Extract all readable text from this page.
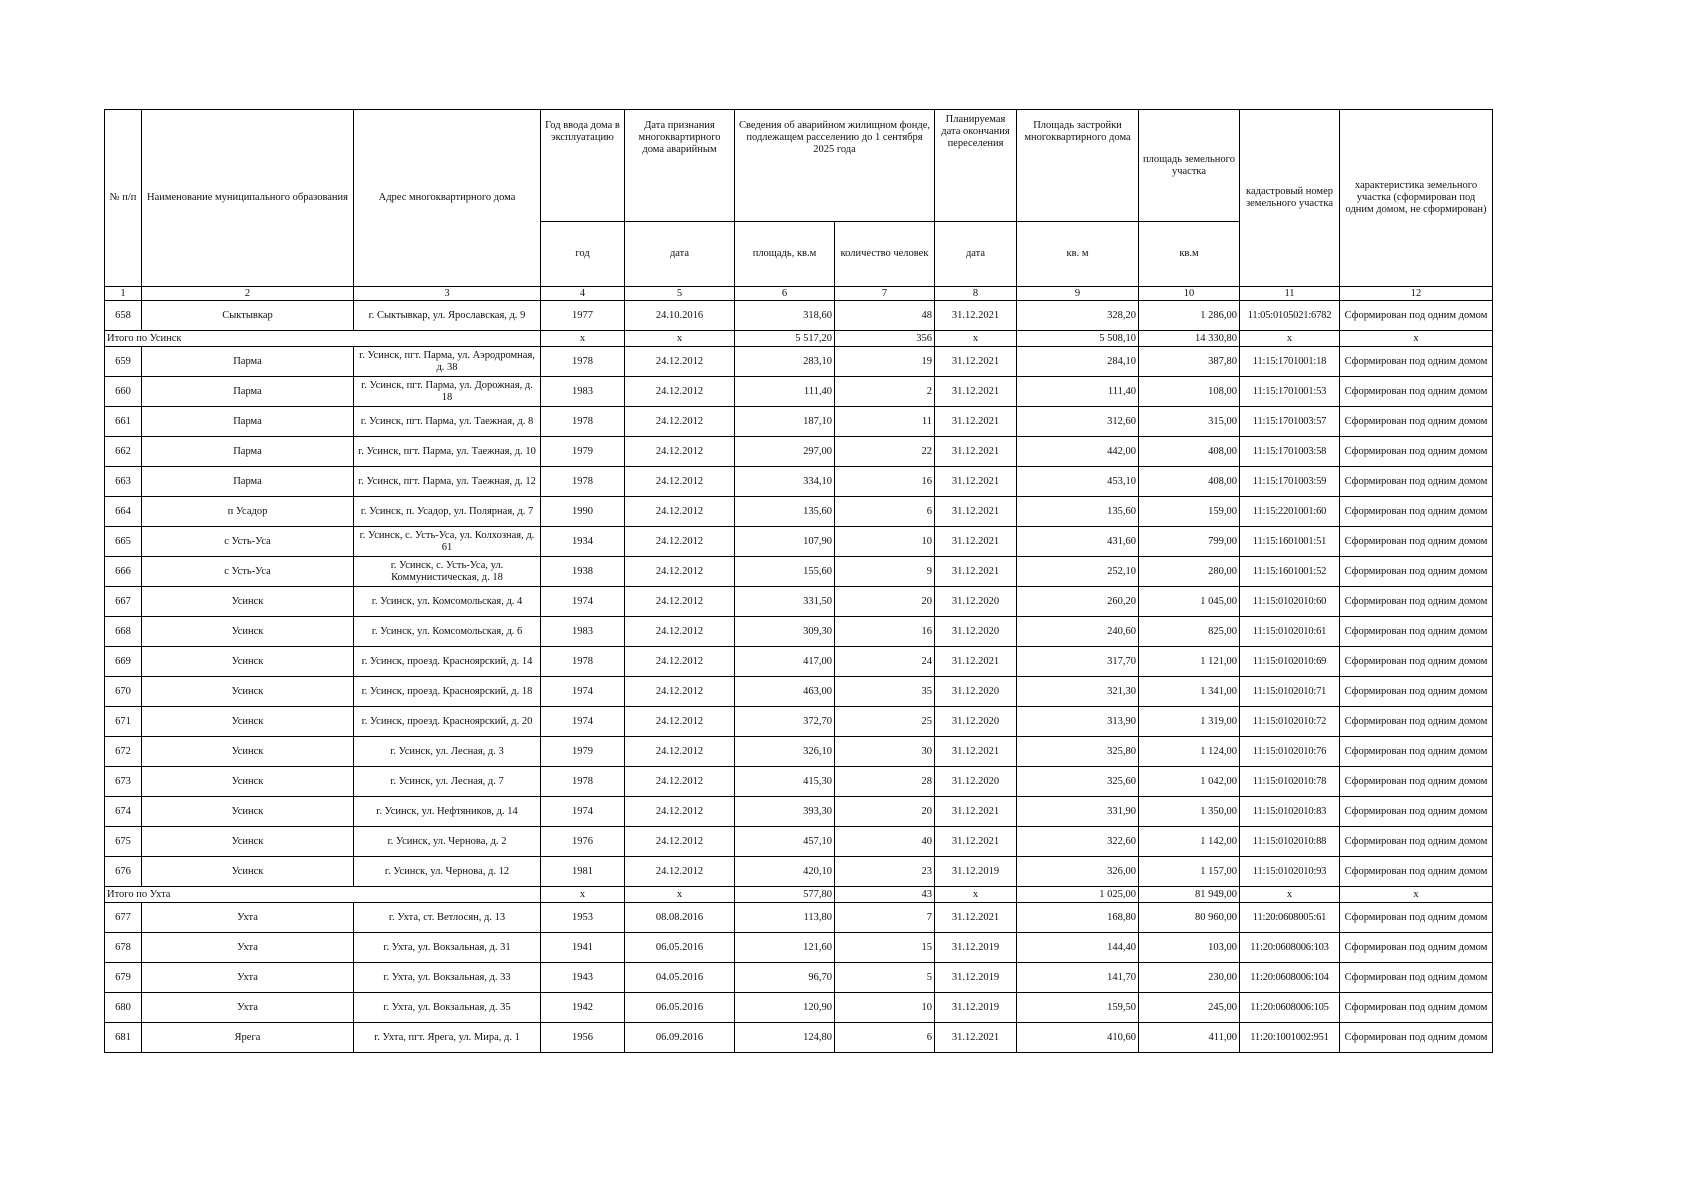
№ п/п	Наименование муниципального образования	Адрес многоквартирного дома	Год ввода дома в эксплуатацию	Дата признания многоквартирного дома аварийным	Сведения об аварийном жилищном фонде, подлежащем расселению до 1 сентября 2025 года		Планируемая дата окончания переселения	Площадь застройки многоквартирного дома	площадь земельного участка	кадастровый номер земельного участка	характеристика земельного участка (сформирован под одним домом, не сформирован)
			год	дата	площадь, кв.м	количество человек	дата	кв. м	кв.м		
1	2	3	4	5	6	7	8	9	10	11	12
658	Сыктывкар	г. Сыктывкар, ул. Ярославская, д. 9	1977	24.10.2016	318,60	48	31.12.2021	328,20	1 286,00	11:05:0105021:6782	Сформирован под одним домом
Итого по Усинск			х	х	5 517,20	356	х	5 508,10	14 330,80	х	х
659	Парма	г. Усинск, пгт. Парма, ул. Аэродромная, д. 38	1978	24.12.2012	283,10	19	31.12.2021	284,10	387,80	11:15:1701001:18	Сформирован под одним домом
660	Парма	г. Усинск, пгт. Парма, ул. Дорожная, д. 18	1983	24.12.2012	111,40	2	31.12.2021	111,40	108,00	11:15:1701001:53	Сформирован под одним домом
661	Парма	г. Усинск, пгт. Парма, ул. Таежная, д. 8	1978	24.12.2012	187,10	11	31.12.2021	312,60	315,00	11:15:1701003:57	Сформирован под одним домом
662	Парма	г. Усинск, пгт. Парма, ул. Таежная, д. 10	1979	24.12.2012	297,00	22	31.12.2021	442,00	408,00	11:15:1701003:58	Сформирован под одним домом
663	Парма	г. Усинск, пгт. Парма, ул. Таежная, д. 12	1978	24.12.2012	334,10	16	31.12.2021	453,10	408,00	11:15:1701003:59	Сформирован под одним домом
664	п Усадор	г. Усинск, п. Усадор, ул. Полярная, д. 7	1990	24.12.2012	135,60	6	31.12.2021	135,60	159,00	11:15:2201001:60	Сформирован под одним домом
665	с Усть-Уса	г. Усинск, с. Усть-Уса, ул. Колхозная, д. 61	1934	24.12.2012	107,90	10	31.12.2021	431,60	799,00	11:15:1601001:51	Сформирован под одним домом
666	с Усть-Уса	г. Усинск, с. Усть-Уса, ул. Коммунистическая, д. 18	1938	24.12.2012	155,60	9	31.12.2021	252,10	280,00	11:15:1601001:52	Сформирован под одним домом
667	Усинск	г. Усинск, ул. Комсомольская, д. 4	1974	24.12.2012	331,50	20	31.12.2020	260,20	1 045,00	11:15:0102010:60	Сформирован под одним домом
668	Усинск	г. Усинск, ул. Комсомольская, д. 6	1983	24.12.2012	309,30	16	31.12.2020	240,60	825,00	11:15:0102010:61	Сформирован под одним домом
669	Усинск	г. Усинск, проезд. Красноярский, д. 14	1978	24.12.2012	417,00	24	31.12.2021	317,70	1 121,00	11:15:0102010:69	Сформирован под одним домом
670	Усинск	г. Усинск, проезд. Красноярский, д. 18	1974	24.12.2012	463,00	35	31.12.2020	321,30	1 341,00	11:15:0102010:71	Сформирован под одним домом
671	Усинск	г. Усинск, проезд. Красноярский, д. 20	1974	24.12.2012	372,70	25	31.12.2020	313,90	1 319,00	11:15:0102010:72	Сформирован под одним домом
672	Усинск	г. Усинск, ул. Лесная, д. 3	1979	24.12.2012	326,10	30	31.12.2021	325,80	1 124,00	11:15:0102010:76	Сформирован под одним домом
673	Усинск	г. Усинск, ул. Лесная, д. 7	1978	24.12.2012	415,30	28	31.12.2020	325,60	1 042,00	11:15:0102010:78	Сформирован под одним домом
674	Усинск	г. Усинск, ул. Нефтяников, д. 14	1974	24.12.2012	393,30	20	31.12.2021	331,90	1 350,00	11:15:0102010:83	Сформирован под одним домом
675	Усинск	г. Усинск, ул. Чернова, д. 2	1976	24.12.2012	457,10	40	31.12.2021	322,60	1 142,00	11:15:0102010:88	Сформирован под одним домом
676	Усинск	г. Усинск, ул. Чернова, д. 12	1981	24.12.2012	420,10	23	31.12.2019	326,00	1 157,00	11:15:0102010:93	Сформирован под одним домом
Итого по Ухта			х	х	577,80	43	х	1 025,00	81 949,00	х	х
677	Ухта	г. Ухта, ст. Ветлосян, д. 13	1953	08.08.2016	113,80	7	31.12.2021	168,80	80 960,00	11:20:0608005:61	Сформирован под одним домом
678	Ухта	г. Ухта, ул. Вокзальная, д. 31	1941	06.05.2016	121,60	15	31.12.2019	144,40	103,00	11:20:0608006:103	Сформирован под одним домом
679	Ухта	г. Ухта, ул. Вокзальная, д. 33	1943	04.05.2016	96,70	5	31.12.2019	141,70	230,00	11:20:0608006:104	Сформирован под одним домом
680	Ухта	г. Ухта, ул. Вокзальная, д. 35	1942	06.05.2016	120,90	10	31.12.2019	159,50	245,00	11:20:0608006:105	Сформирован под одним домом
681	Ярега	г. Ухта, пгт. Ярега, ул. Мира, д. 1	1956	06.09.2016	124,80	6	31.12.2021	410,60	411,00	11:20:1001002:951	Сформирован под одним домом
